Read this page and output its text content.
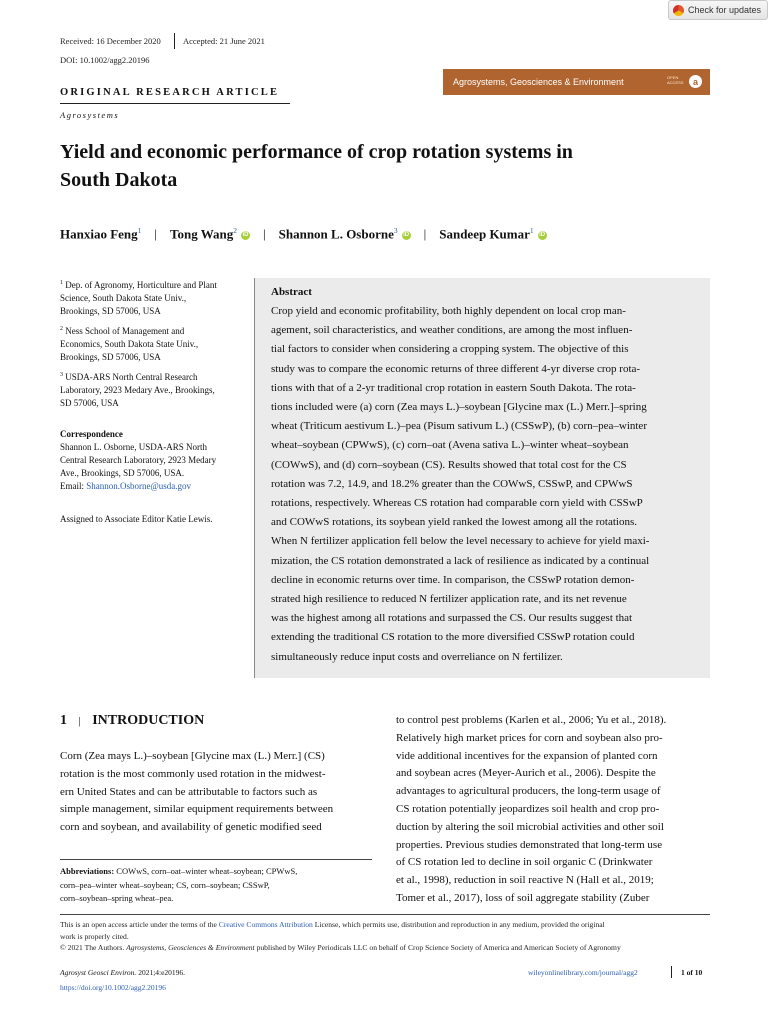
Check for updates
Received: 16 December 2020	Accepted: 21 June 2021
DOI: 10.1002/agg2.20196
Agrosystems, Geosciences & Environment	OPEN
ACCESS	a
ORIGINAL RESEARCH ARTICLE
Agrosystems
Yield and economic performance of crop rotation systems in
South Dakota
Hanxiao Feng$^1$ | Tong Wang$^2$ iD | Shannon L. Osborne$^3$ iD | Sandeep Kumar$^1$ iD
$^1$ Dep. of Agronomy, Horticulture and Plant
Science, South Dakota State Univ.,
Brookings, SD 57006, USA
$^2$ Ness School of Management and
Economics, South Dakota State Univ.,
Brookings, SD 57006, USA
$^3$ USDA-ARS North Central Research
Laboratory, 2923 Medary Ave., Brookings,
SD 57006, USA
Correspondence
Shannon L. Osborne, USDA-ARS North
Central Research Laboratory, 2923 Medary
Ave., Brookings, SD 57006, USA.
Email: Shannon.Osborne@usda.gov
Assigned to Associate Editor Katie Lewis.
Abstract
Crop yield and economic profitability, both highly dependent on local crop man-
agement, soil characteristics, and weather conditions, are among the most influen-
tial factors to consider when considering a cropping system. The objective of this
study was to compare the economic returns of three different 4-yr diverse crop rota-
tions with that of a 2-yr traditional crop rotation in eastern South Dakota. The rota-
tions included were (a) corn (Zea mays L.)–soybean [Glycine max (L.) Merr.]–spring
wheat (Triticum aestivum L.)–pea (Pisum sativum L.) (CSSwP), (b) corn–pea–winter
wheat–soybean (CPWwS), (c) corn–oat (Avena sativa L.)–winter wheat–soybean
(COWwS), and (d) corn–soybean (CS). Results showed that total cost for the CS
rotation was 7.2, 14.9, and 18.2% greater than the COWwS, CSSwP, and CPWwS
rotations, respectively. Whereas CS rotation had comparable corn yield with CSSwP
and COWwS rotations, its soybean yield ranked the lowest among all the rotations.
When N fertilizer application fell below the level necessary to achieve for yield maxi-
mization, the CS rotation demonstrated a lack of resilience as indicated by a continual
decline in economic returns over time. In comparison, the CSSwP rotation demon-
strated high resilience to reduced N fertilizer application rate, and its net revenue
was the highest among all rotations and surpassed the CS. Our results suggest that
extending the traditional CS rotation to the more diversified CSSwP rotation could
simultaneously reduce input costs and overreliance on N fertilizer.
1 | INTRODUCTION
Corn (Zea mays L.)–soybean [Glycine max (L.) Merr.] (CS)
rotation is the most commonly used rotation in the midwest-
ern United States and can be attributable to factors such as
simple management, similar equipment requirements between
corn and soybean, and availability of genetic modified seed
to control pest problems (Karlen et al., 2006; Yu et al., 2018).
Relatively high market prices for corn and soybean also pro-
vide additional incentives for the expansion of planted corn
and soybean acres (Meyer-Aurich et al., 2006). Despite the
advantages to agricultural producers, the long-term usage of
CS rotation potentially jeopardizes soil health and crop pro-
duction by altering the soil microbial activities and other soil
properties. Previous studies demonstrated that long-term use
of CS rotation led to decline in soil organic C (Drinkwater
et al., 1998), reduction in soil reactive N (Hall et al., 2019;
Tomer et al., 2017), loss of soil aggregate stability (Zuber
Abbreviations: COWwS, corn–oat–winter wheat–soybean; CPWwS,
corn–pea–winter wheat–soybean; CS, corn–soybean; CSSwP,
corn–soybean–spring wheat–pea.
This is an open access article under the terms of the Creative Commons Attribution License, which permits use, distribution and reproduction in any medium, provided the original
work is properly cited.
© 2021 The Authors. Agrosystems, Geosciences & Environment published by Wiley Periodicals LLC on behalf of Crop Science Society of America and American Society of Agronomy
Agrosyst Geosci Environ. 2021;4:e20196.
https://doi.org/10.1002/agg2.20196
wileyonlinelibrary.com/journal/agg2	1 of 10
